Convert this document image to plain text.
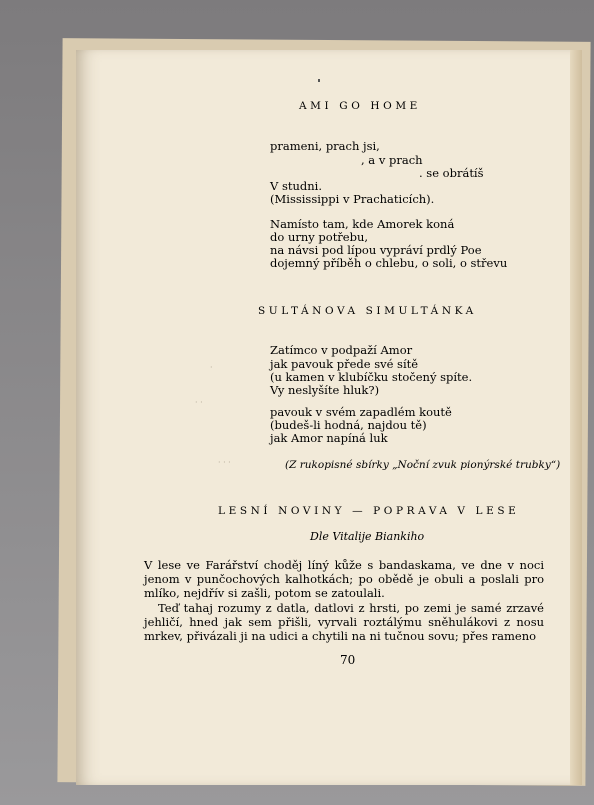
AMI GO HOME
prameni, prach jsi,
, a v prach
. se obrátíš
V studni.
(Mississippi v Prachaticích).
Namísto tam, kde Amorek koná
do urny potřebu,
na návsi pod lípou vypráví prdlý Poe
dojemný příběh o chlebu, o soli, o střevu
SULTÁNOVA SIMULTÁNKA
Zatímco v podpaží Amor
jak pavouk přede své sítě
(u kamen v klubíčku stočený spíte.
Vy neslyšíte hluk?)
pavouk v svém zapadlém koutě
(budeš-li hodná, najdou tě)
jak Amor napíná luk
·
· ·
· · ·	(Z rukopisné sbírky „Noční zvuk pionýrské trubky“)
LESNÍ NOVINY — POPRAVA V LESE
Dle Vitalije Biankiho
V lese ve Farářství choděj líný kůže s bandaskama, ve dne v noci jenom v punčochových kalhotkách; po obědě je obuli a poslali pro mlíko, nejdřív si zašli, potom se zatoulali.
Teď tahaj rozumy z datla, datlovi z hrsti, po zemi je samé zrzavé jehličí, hned jak sem přišli, vyrvali roztálýmu sněhulákovi z nosu mrkev, přivázali ji na udici a chytili na ni tučnou sovu; přes rameno
70
